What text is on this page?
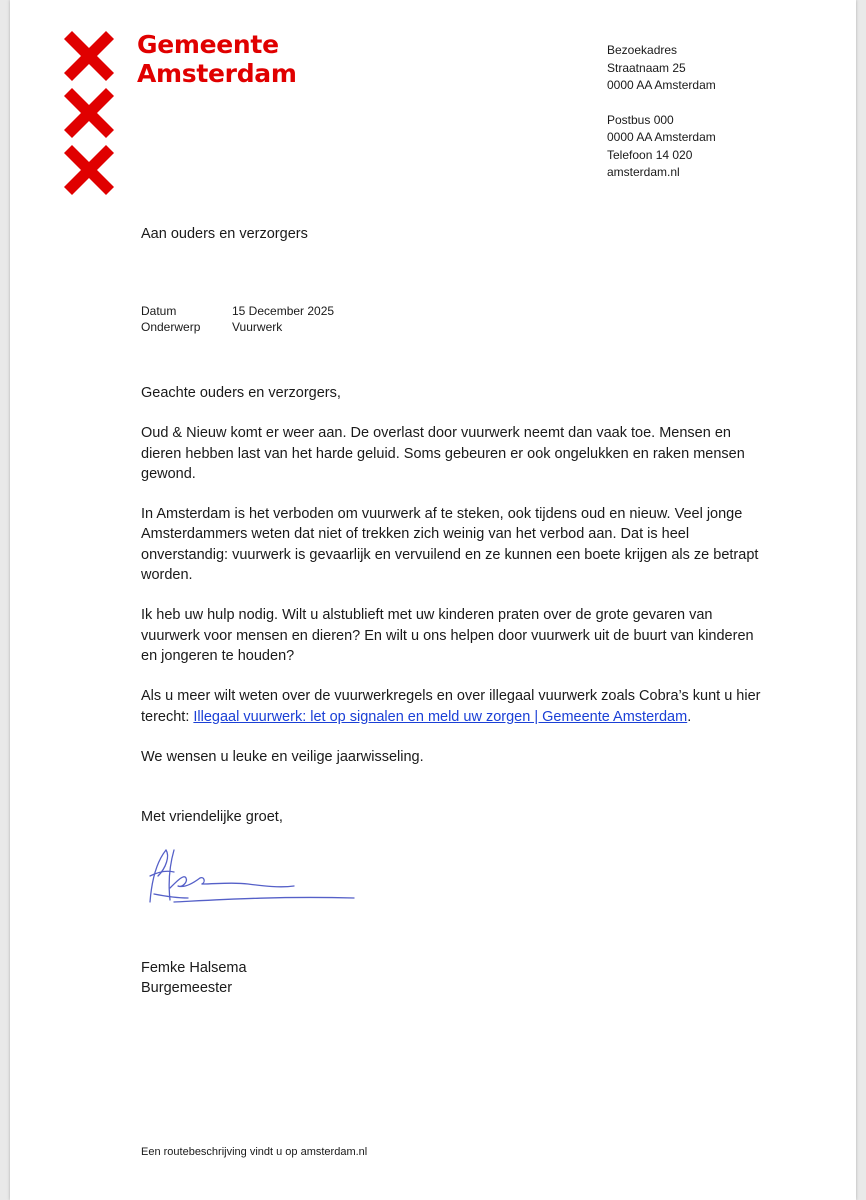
Gemeente
Amsterdam
Bezoekadres
Straatnaam 25
0000 AA Amsterdam
Postbus 000
0000 AA Amsterdam
Telefoon 14 020
amsterdam.nl
Aan ouders en verzorgers
Datum	15 December 2025
Onderwerp	Vuurwerk

Geachte ouders en verzorgers,

Oud & Nieuw komt er weer aan. De overlast door vuurwerk neemt dan vaak toe. Mensen en dieren hebben last van het harde geluid. Soms gebeuren er ook ongelukken en raken mensen gewond.

In Amsterdam is het verboden om vuurwerk af te steken, ook tijdens oud en nieuw. Veel jonge Amsterdammers weten dat niet of trekken zich weinig van het verbod aan. Dat is heel onverstandig: vuurwerk is gevaarlijk en vervuilend en ze kunnen een boete krijgen als ze betrapt worden.

Ik heb uw hulp nodig. Wilt u alstublieft met uw kinderen praten over de grote gevaren van vuurwerk voor mensen en dieren? En wilt u ons helpen door vuurwerk uit de buurt van kinderen en jongeren te houden?

Als u meer wilt weten over de vuurwerkregels en over illegaal vuurwerk zoals Cobra’s kunt u hier terecht: Illegaal vuurwerk: let op signalen en meld uw zorgen | Gemeente Amsterdam.

We wensen u leuke en veilige jaarwisseling.

Met vriendelijke groet,

Femke Halsema
Burgemeester
Een routebeschrijving vindt u op amsterdam.nl
